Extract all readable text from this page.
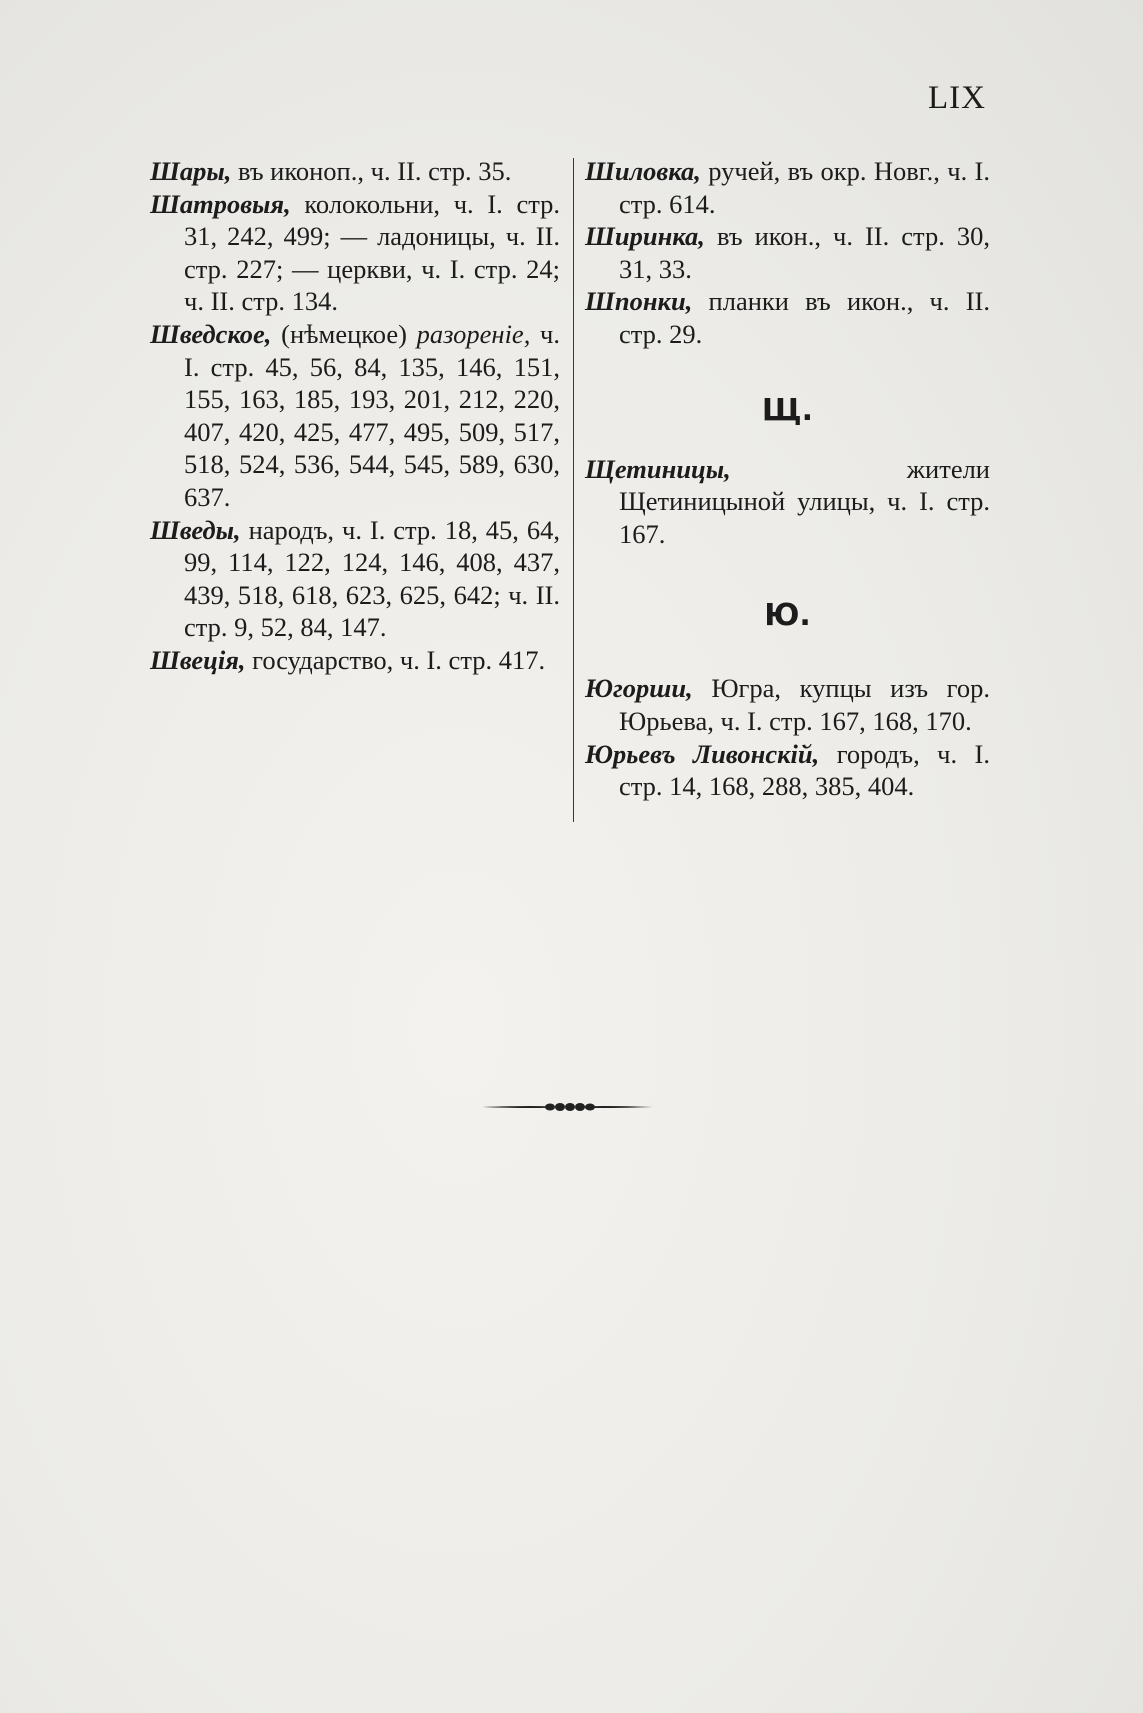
LIX

Шары, въ иконоп., ч. II. стр. 35.

Шатровыя, колокольни, ч. I. стр. 31, 242, 499; — ладоницы, ч. II. стр. 227; — церкви, ч. I. стр. 24; ч. II. стр. 134.

Шведское, (нѣмецкое) разореніе, ч. I. стр. 45, 56, 84, 135, 146, 151, 155, 163, 185, 193, 201, 212, 220, 407, 420, 425, 477, 495, 509, 517, 518, 524, 536, 544, 545, 589, 630, 637.

Шведы, народъ, ч. I. стр. 18, 45, 64, 99, 114, 122, 124, 146, 408, 437, 439, 518, 618, 623, 625, 642; ч. II. стр. 9, 52, 84, 147.

Швеція, государство, ч. I. стр. 417.

Шиловка, ручей, въ окр. Новг., ч. I. стр. 614.

Ширинка, въ икон., ч. II. стр. 30, 31, 33.

Шпонки, планки въ икон., ч. II. стр. 29.

Щ.

Щетиницы, жители Щетиницыной улицы, ч. I. стр. 167.

Ю.

Югорши, Югра, купцы изъ гор. Юрьева, ч. I. стр. 167, 168, 170.

Юрьевъ Ливонскій, городъ, ч. I. стр. 14, 168, 288, 385, 404.
